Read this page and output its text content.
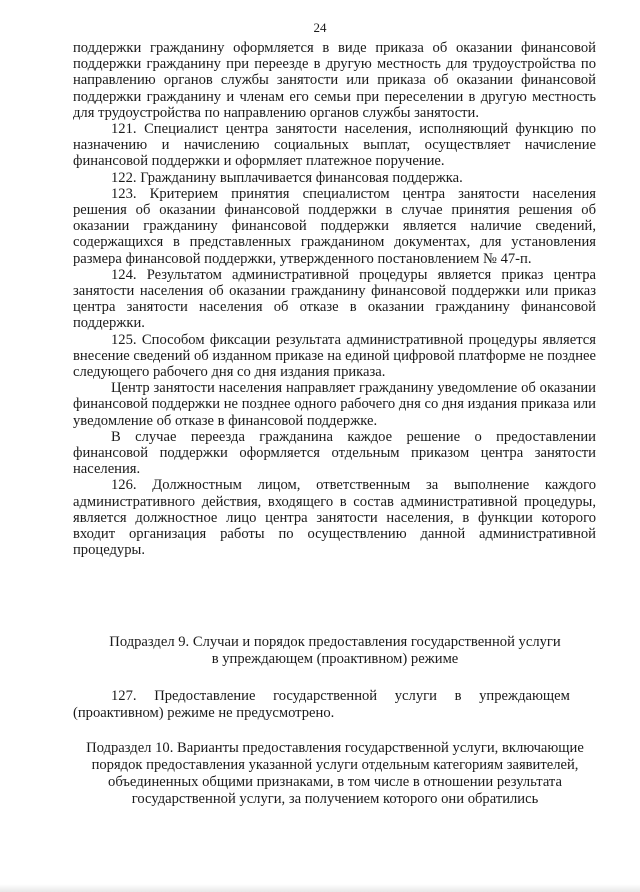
24

поддержки гражданину оформляется в виде приказа об оказании финансовой поддержки гражданину при переезде в другую местность для трудоустройства по направлению органов службы занятости или приказа об оказании финансовой поддержки гражданину и членам его семьи при переселении в другую местность для трудоустройства по направлению органов службы занятости.

121. Специалист центра занятости населения, исполняющий функцию по назначению и начислению социальных выплат, осуществляет начисление финансовой поддержки и оформляет платежное поручение.

122. Гражданину выплачивается финансовая поддержка.

123. Критерием принятия специалистом центра занятости населения решения об оказании финансовой поддержки в случае принятия решения об оказании гражданину финансовой поддержки является наличие сведений, содержащихся в представленных гражданином документах, для установления размера финансовой поддержки, утвержденного постановлением № 47-п.

124. Результатом административной процедуры является приказ центра занятости населения об оказании гражданину финансовой поддержки или приказ центра занятости населения об отказе в оказании гражданину финансовой поддержки.

125. Способом фиксации результата административной процедуры является внесение сведений об изданном приказе на единой цифровой платформе не позднее следующего рабочего дня со дня издания приказа.

Центр занятости населения направляет гражданину уведомление об оказании финансовой поддержки не позднее одного рабочего дня со дня издания приказа или уведомление об отказе в финансовой поддержке.

В случае переезда гражданина каждое решение о предоставлении финансовой поддержки оформляется отдельным приказом центра занятости населения.

126. Должностным лицом, ответственным за выполнение каждого административного действия, входящего в состав административной процедуры, является должностное лицо центра занятости населения, в функции которого входит организация работы по осуществлению данной административной процедуры.

Подраздел 9. Случаи и порядок предоставления государственной услуги
в упреждающем (проактивном) режиме

127. Предоставление государственной услуги в упреждающем

(проактивном) режиме не предусмотрено.

Подраздел 10. Варианты предоставления государственной услуги, включающие
порядок предоставления указанной услуги отдельным категориям заявителей,
объединенных общими признаками, в том числе в отношении результата
государственной услуги, за получением которого они обратились
